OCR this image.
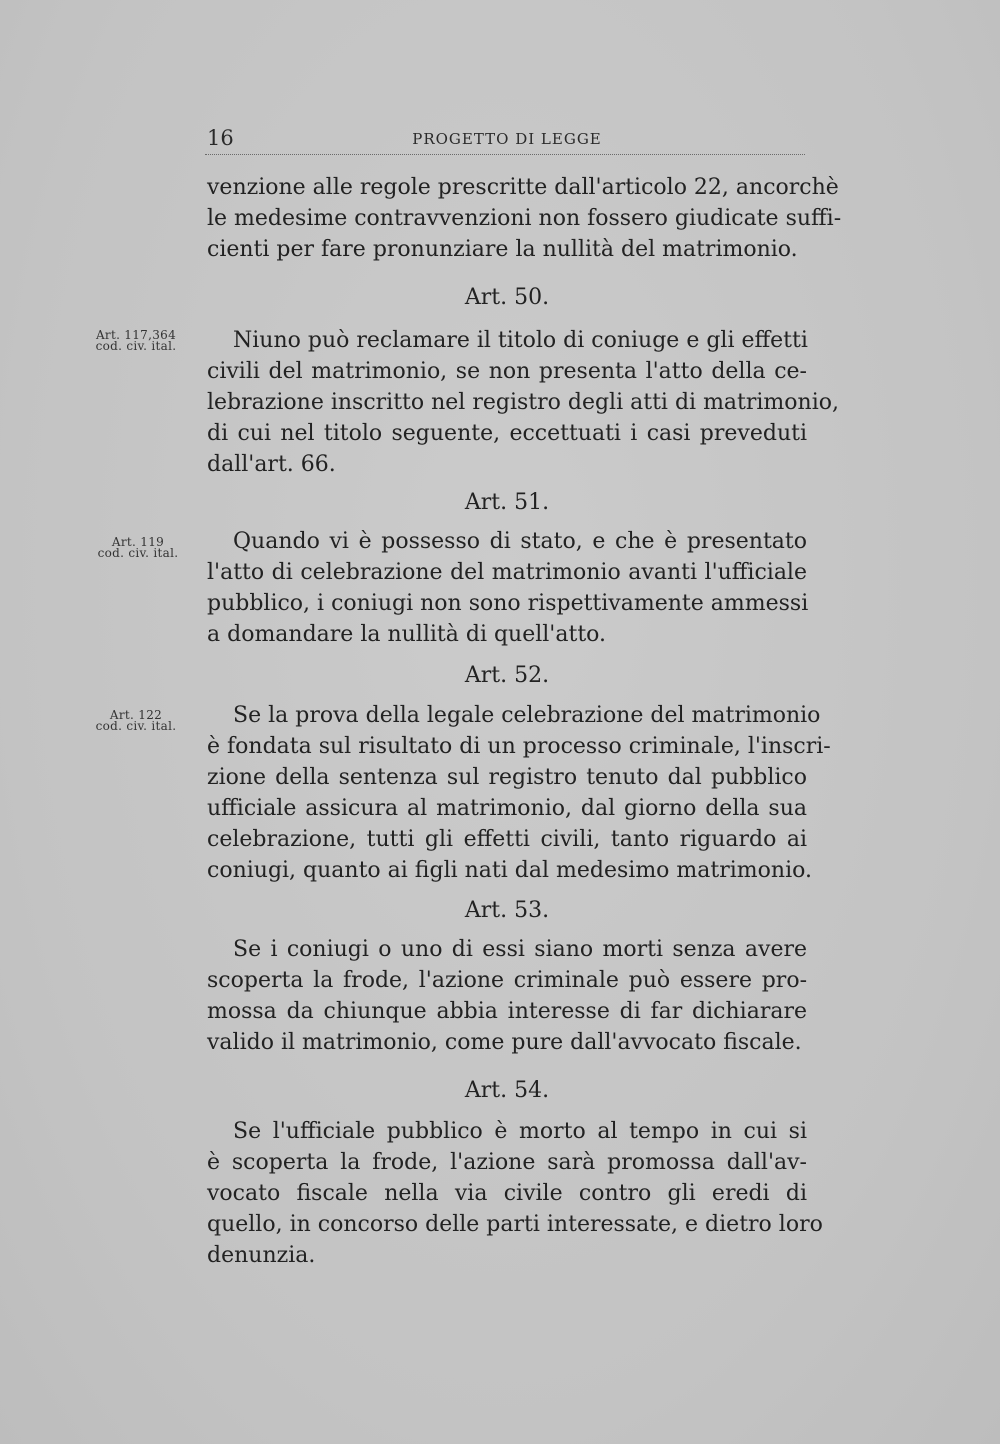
16	PROGETTO DI LEGGE
venzione alle regole prescritte dall'articolo 22, ancorchè
le medesime contravvenzioni non fossero giudicate suffi-
cienti per fare pronunziare la nullità del matrimonio.
Art. 50.
Art. 117,364
cod. civ. ital.	Niuno può reclamare il titolo di coniuge e gli effetti
civili del matrimonio, se non presenta l'atto della ce-
lebrazione inscritto nel registro degli atti di matrimonio,
di cui nel titolo seguente, eccettuati i casi preveduti
dall'art. 66.
Art. 51.
Art. 119
cod. civ. ital.	Quando vi è possesso di stato, e che è presentato
l'atto di celebrazione del matrimonio avanti l'ufficiale
pubblico, i coniugi non sono rispettivamente ammessi
a domandare la nullità di quell'atto.
Art. 52.
Art. 122
cod. civ. ital.	Se la prova della legale celebrazione del matrimonio
è fondata sul risultato di un processo criminale, l'inscri-
zione della sentenza sul registro tenuto dal pubblico
ufficiale assicura al matrimonio, dal giorno della sua
celebrazione, tutti gli effetti civili, tanto riguardo ai
coniugi, quanto ai figli nati dal medesimo matrimonio.
Art. 53.
Se i coniugi o uno di essi siano morti senza avere
scoperta la frode, l'azione criminale può essere pro-
mossa da chiunque abbia interesse di far dichiarare
valido il matrimonio, come pure dall'avvocato fiscale.
Art. 54.
Se l'ufficiale pubblico è morto al tempo in cui si
è scoperta la frode, l'azione sarà promossa dall'av-
vocato fiscale nella via civile contro gli eredi di
quello, in concorso delle parti interessate, e dietro loro
denunzia.
